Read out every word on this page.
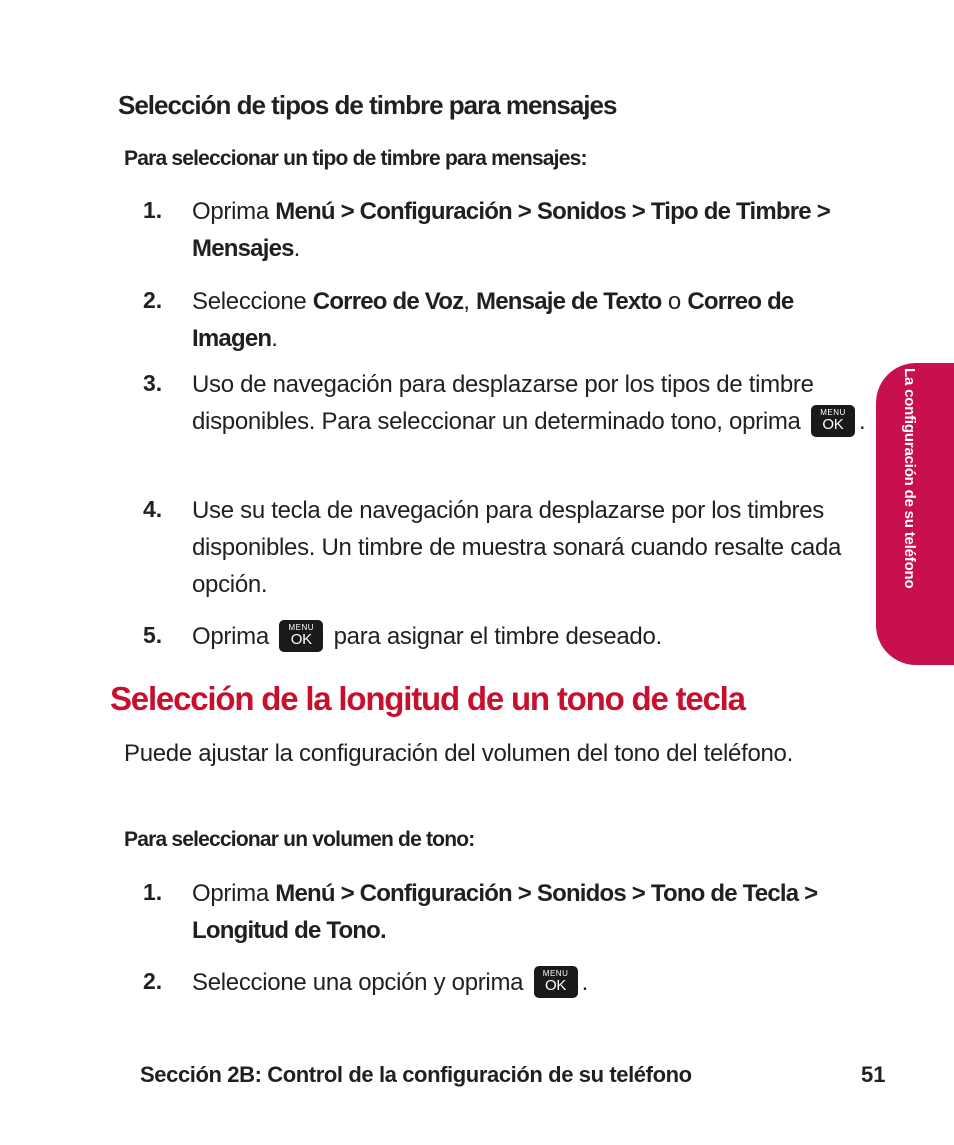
Selección de tipos de timbre para mensajes
Para seleccionar un tipo de timbre para mensajes:
1. Oprima Menú > Configuración > Sonidos > Tipo de Timbre > Mensajes.
2. Seleccione Correo de Voz, Mensaje de Texto o Correo de Imagen.
3. Uso de navegación para desplazarse por los tipos de timbre disponibles. Para seleccionar un determinado tono, oprima	MENU
OK .
4. Use su tecla de navegación para desplazarse por los timbres disponibles. Un timbre de muestra sonará cuando resalte cada opción.
5. Oprima	MENU
OK para asignar el timbre deseado.
Selección de la longitud de un tono de tecla
Puede ajustar la configuración del volumen del tono del teléfono.
Para seleccionar un volumen de tono:
1. Oprima Menú > Configuración > Sonidos > Tono de Tecla > Longitud de Tono.
2. Seleccione una opción y oprima	MENU
OK .
La configuración de su teléfono
Sección 2B: Control de la configuración de su teléfono	51
